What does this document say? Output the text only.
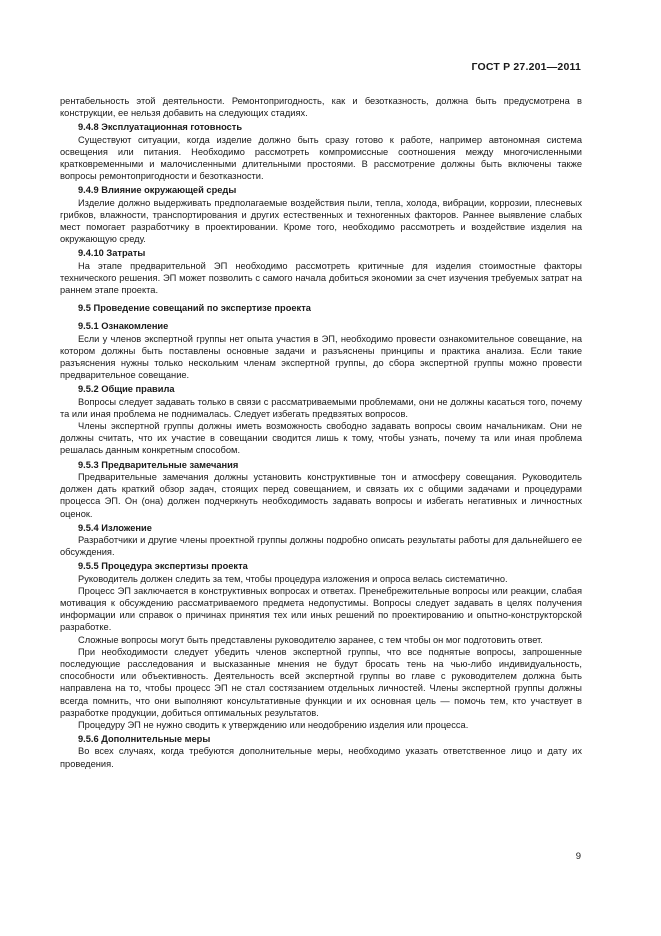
ГОСТ Р 27.201—2011

рентабельность этой деятельности. Ремонтопригодность, как и безотказность, должна быть предусмотрена в конструкции, ее нельзя добавить на следующих стадиях.

9.4.8 Эксплуатационная готовность

Существуют ситуации, когда изделие должно быть сразу готово к работе, например автономная система освещения или питания. Необходимо рассмотреть компромиссные соотношения между многочисленными кратковременными и малочисленными длительными простоями. В рассмотрение должны быть включены также вопросы ремонтопригодности и безотказности.

9.4.9 Влияние окружающей среды

Изделие должно выдерживать предполагаемые воздействия пыли, тепла, холода, вибрации, коррозии, плесневых грибков, влажности, транспортирования и других естественных и техногенных факторов. Раннее выявление слабых мест помогает разработчику в проектировании. Кроме того, необходимо рассмотреть и воздействие изделия на окружающую среду.

9.4.10 Затраты

На этапе предварительной ЭП необходимо рассмотреть критичные для изделия стоимостные факторы технического решения. ЭП может позволить с самого начала добиться экономии за счет изучения требуемых затрат на раннем этапе проекта.

9.5 Проведение совещаний по экспертизе проекта

9.5.1 Ознакомление

Если у членов экспертной группы нет опыта участия в ЭП, необходимо провести ознакомительное совещание, на котором должны быть поставлены основные задачи и разъяснены принципы и практика анализа. Если такие разъяснения нужны только нескольким членам экспертной группы, до сбора экспертной группы можно провести предварительное совещание.

9.5.2 Общие правила

Вопросы следует задавать только в связи с рассматриваемыми проблемами, они не должны касаться того, почему та или иная проблема не поднималась. Следует избегать предвзятых вопросов.

Члены экспертной группы должны иметь возможность свободно задавать вопросы своим начальникам. Они не должны считать, что их участие в совещании сводится лишь к тому, чтобы узнать, почему та или иная проблема решалась данным конкретным способом.

9.5.3 Предварительные замечания

Предварительные замечания должны установить конструктивные тон и атмосферу совещания. Руководитель должен дать краткий обзор задач, стоящих перед совещанием, и связать их с общими задачами и процедурами процесса ЭП. Он (она) должен подчеркнуть необходимость задавать вопросы и избегать негативных и личностных оценок.

9.5.4 Изложение

Разработчики и другие члены проектной группы должны подробно описать результаты работы для дальнейшего ее обсуждения.

9.5.5 Процедура экспертизы проекта

Руководитель должен следить за тем, чтобы процедура изложения и опроса велась систематично.

Процесс ЭП заключается в конструктивных вопросах и ответах. Пренебрежительные вопросы или реакции, слабая мотивация к обсуждению рассматриваемого предмета недопустимы. Вопросы следует задавать в целях получения информации или справок о причинах принятия тех или иных решений по проектированию и опытно-конструкторской разработке.

Сложные вопросы могут быть представлены руководителю заранее, с тем чтобы он мог подготовить ответ.

При необходимости следует убедить членов экспертной группы, что все поднятые вопросы, запрошенные последующие расследования и высказанные мнения не будут бросать тень на чью-либо индивидуальность, способности или объективность. Деятельность всей экспертной группы во главе с руководителем должна быть направлена на то, чтобы процесс ЭП не стал состязанием отдельных личностей. Члены экспертной группы должны всегда помнить, что они выполняют консультативные функции и их основная цель — помочь тем, кто участвует в разработке продукции, добиться оптимальных результатов.

Процедуру ЭП не нужно сводить к утверждению или неодобрению изделия или процесса.

9.5.6 Дополнительные меры

Во всех случаях, когда требуются дополнительные меры, необходимо указать ответственное лицо и дату их проведения.

9
